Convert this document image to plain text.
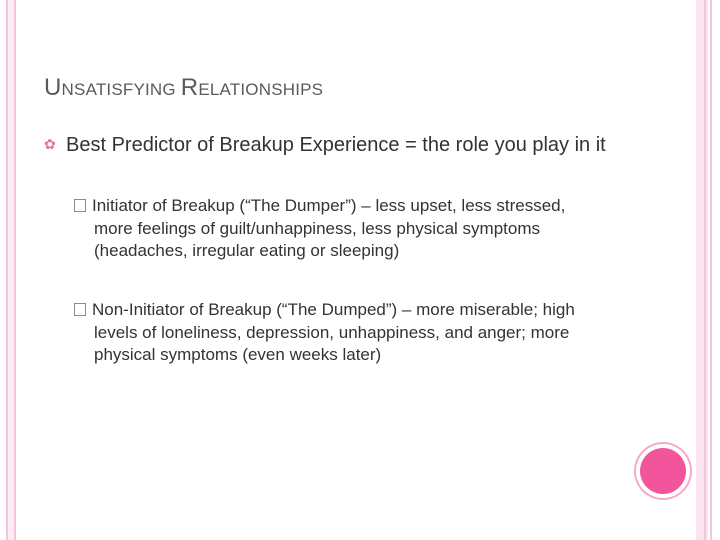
UNSATISFYING RELATIONSHIPS
✿ Best Predictor of Breakup Experience = the role you play in it
Initiator of Breakup (“The Dumper”) – less upset, less stressed, more feelings of guilt/unhappiness, less physical symptoms (headaches, irregular eating or sleeping)
Non-Initiator of Breakup (“The Dumped”) – more miserable; high levels of loneliness, depression, unhappiness, and anger; more physical symptoms (even weeks later)
